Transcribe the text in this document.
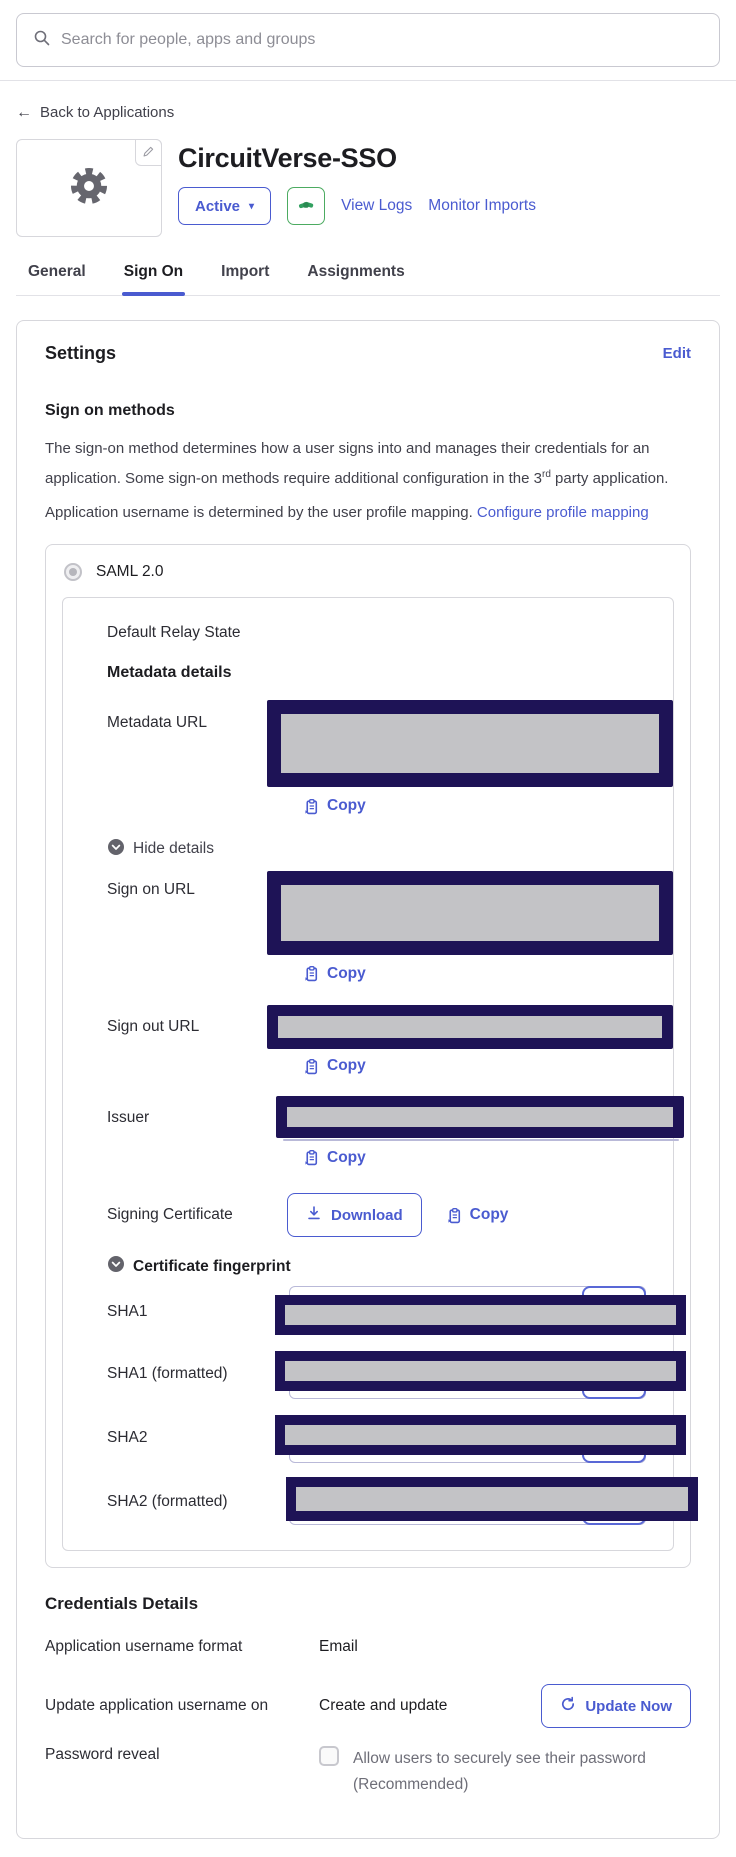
Search for people, apps and groups
← Back to Applications
CircuitVerse-SSO
Active ▾	View Logs Monitor Imports
General Sign On Import Assignments
Settings	Edit
Sign on methods

The sign-on method determines how a user signs into and manages their credentials for an
application. Some sign-on methods require additional configuration in the 3rd party application.

Application username is determined by the user profile mapping. Configure profile mapping

SAML 2.0
Default Relay State
Metadata details
Metadata URL
Copy
Hide details
Sign on URL
Copy
Sign out URL
Copy
Issuer
Copy
Signing Certificate	Download	Copy
Certificate fingerprint
SHA1
SHA1 (formatted)
SHA2
SHA2 (formatted)
Credentials Details
Application username format	Email
Update application username on	Create and update	Update Now
Password reveal	Allow users to securely see their password
(Recommended)
